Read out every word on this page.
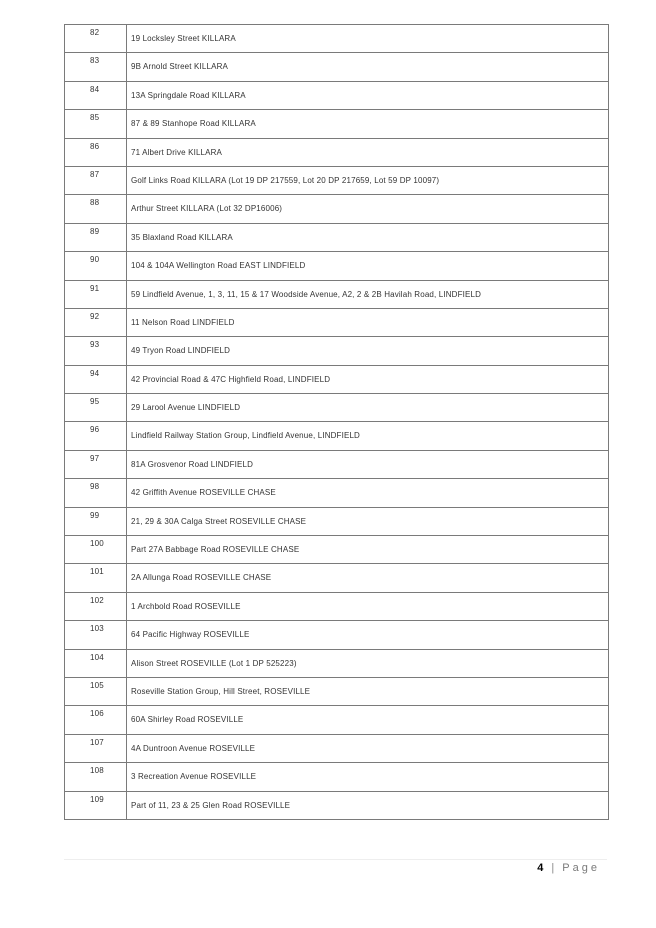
82
19 Locksley Street KILLARA
83
9B Arnold Street KILLARA
84
13A Springdale Road KILLARA
85
87 & 89 Stanhope Road KILLARA
86
71 Albert Drive KILLARA
87
Golf Links Road KILLARA (Lot 19 DP 217559, Lot 20 DP 217659, Lot 59 DP 10097)
88
Arthur Street KILLARA (Lot 32 DP16006)
89
35 Blaxland Road KILLARA
90
104 & 104A Wellington Road EAST LINDFIELD
91
59 Lindfield Avenue, 1, 3, 11, 15 & 17 Woodside Avenue, A2, 2 & 2B Havilah Road, LINDFIELD
92
11 Nelson Road LINDFIELD
93
49 Tryon Road LINDFIELD
94
42 Provincial Road & 47C Highfield Road, LINDFIELD
95
29 Larool Avenue LINDFIELD
96
Lindfield Railway Station Group, Lindfield Avenue, LINDFIELD
97
81A Grosvenor Road LINDFIELD
98
42 Griffith Avenue ROSEVILLE CHASE
99
21, 29 & 30A Calga Street ROSEVILLE CHASE
100
Part 27A Babbage Road ROSEVILLE CHASE
101
2A Allunga Road ROSEVILLE CHASE
102
1 Archbold Road ROSEVILLE
103
64 Pacific Highway ROSEVILLE
104
Alison Street ROSEVILLE (Lot 1 DP 525223)
105
Roseville Station Group, Hill Street, ROSEVILLE
106
60A Shirley Road ROSEVILLE
107
4A Duntroon Avenue ROSEVILLE
108
3 Recreation Avenue ROSEVILLE
109
Part of 11, 23 & 25 Glen Road ROSEVILLE
4 | Page
